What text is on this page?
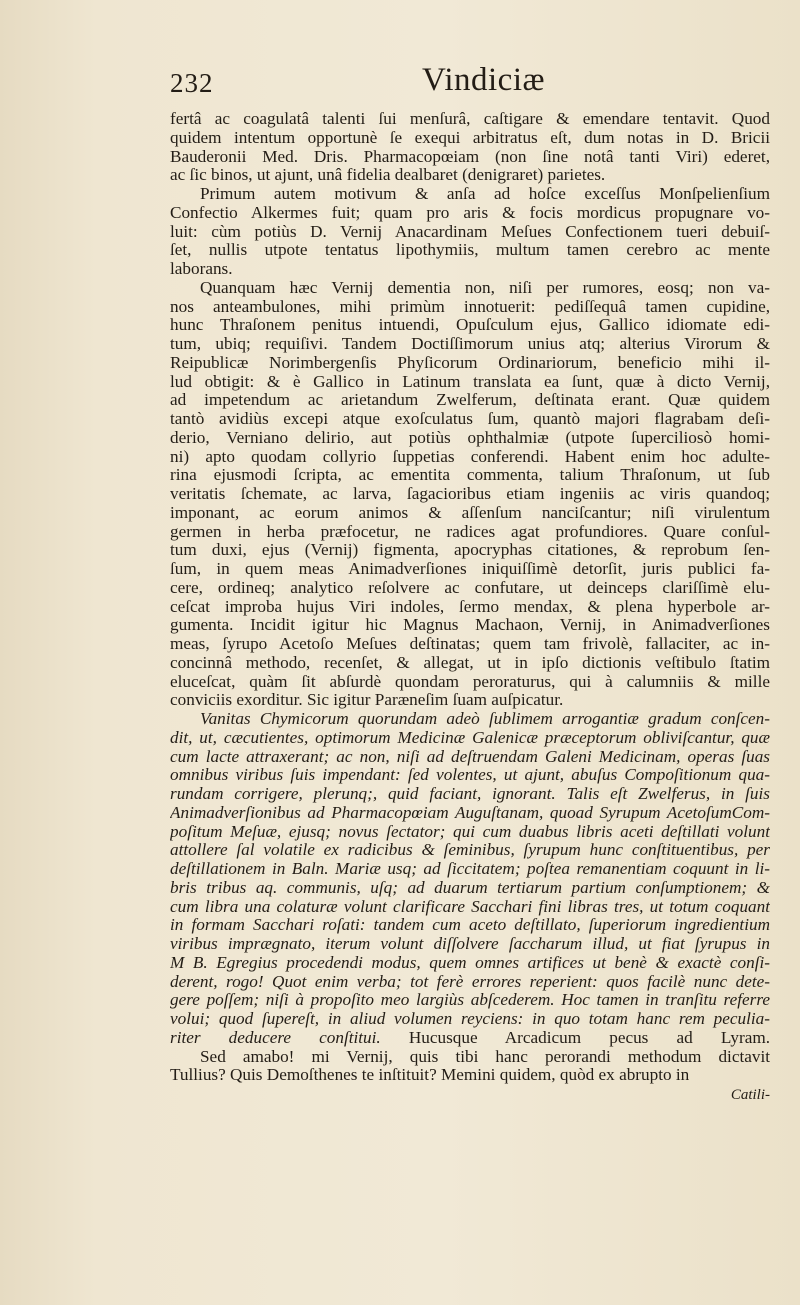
232	Vindiciæ
fertâ ac coagulatâ talenti ſui menſurâ, caſtigare & emendare tentavit. Quod
quidem intentum opportunè ſe exequi arbitratus eſt, dum notas in D. Bricii
Bauderonii Med. Dris. Pharmacopœiam (non ſine notâ tanti Viri) ederet,
ac ſic binos, ut ajunt, unâ fidelia dealbaret (denigraret) parietes.
Primum autem motivum & anſa ad hoſce exceſſus Monſpelienſium
Confectio Alkermes fuit; quam pro aris & focis mordicus propugnare vo-
luit: cùm potiùs D. Vernij Anacardinam Meſues Confectionem tueri debuiſ-
ſet, nullis utpote tentatus lipothymiis, multum tamen cerebro ac mente
laborans.
Quanquam hæc Vernij dementia non, niſi per rumores, eosq; non va-
nos anteambulones, mihi primùm innotuerit: pediſſequâ tamen cupidine,
hunc Thraſonem penitus intuendi, Opuſculum ejus, Gallico idiomate edi-
tum, ubiq; requiſivi. Tandem Doctiſſimorum unius atq; alterius Virorum &
Reipublicæ Norimbergenſis Phyſicorum Ordinariorum, beneficio mihi il-
lud obtigit: & è Gallico in Latinum translata ea ſunt, quæ à dicto Vernij,
ad impetendum ac arietandum Zwelferum, deſtinata erant. Quæ quidem
tantò avidiùs excepi atque exoſculatus ſum, quantò majori flagrabam deſi-
derio, Verniano delirio, aut potiùs ophthalmiæ (utpote ſuperciliosò homi-
ni) apto quodam collyrio ſuppetias conferendi. Habent enim hoc adulte-
rina ejusmodi ſcripta, ac ementita commenta, talium Thraſonum, ut ſub
veritatis ſchemate, ac larva, ſagacioribus etiam ingeniis ac viris quandoq;
imponant, ac eorum animos & aſſenſum nanciſcantur; niſi virulentum
germen in herba præfocetur, ne radices agat profundiores. Quare conſul-
tum duxi, ejus (Vernij) figmenta, apocryphas citationes, & reprobum ſen-
ſum, in quem meas Animadverſiones iniquiſſimè detorſit, juris publici fa-
cere, ordineq; analytico reſolvere ac confutare, ut deinceps clariſſimè elu-
ceſcat improba hujus Viri indoles, ſermo mendax, & plena hyperbole ar-
gumenta. Incidit igitur hic Magnus Machaon, Vernij, in Animadverſiones
meas, ſyrupo Acetoſo Meſues deſtinatas; quem tam frivolè, fallaciter, ac in-
concinnâ methodo, recenſet, & allegat, ut in ipſo dictionis veſtibulo ſtatim
eluceſcat, quàm ſit abſurdè quondam peroraturus, qui à calumniis & mille
conviciis exorditur. Sic igitur Paræneſim ſuam auſpicatur.
Vanitas Chymicorum quorundam adeò ſublimem arrogantiæ gradum conſcen-
dit, ut, cæcutientes, optimorum Medicinæ Galenicæ præceptorum obliviſcantur, quæ
cum lacte attraxerant; ac non, niſi ad deſtruendam Galeni Medicinam, operas ſuas
omnibus viribus ſuis impendant: ſed volentes, ut ajunt, abuſus Compoſitionum qua-
rundam corrigere, plerunq;, quid faciant, ignorant. Talis eſt Zwelferus, in ſuis
Animadverſionibus ad Pharmacopœiam Auguſtanam, quoad Syrupum AcetoſumCom-
poſitum Meſuæ, ejusq; novus ſectator; qui cum duabus libris aceti deſtillati volunt
attollere ſal volatile ex radicibus & ſeminibus, ſyrupum hunc conſtituentibus, per
deſtillationem in Baln. Mariæ usq; ad ſiccitatem; poſtea remanentiam coquunt in li-
bris tribus aq. communis, uſq; ad duarum tertiarum partium conſumptionem; &
cum libra una colaturæ volunt clarificare Sacchari fini libras tres, ut totum coquant
in formam Sacchari roſati: tandem cum aceto deſtillato, ſuperiorum ingredientium
viribus imprægnato, iterum volunt diſſolvere ſaccharum illud, ut fiat ſyrupus in
M B. Egregius procedendi modus, quem omnes artifices ut benè & exactè conſi-
derent, rogo! Quot enim verba; tot ferè errores reperient: quos facilè nunc dete-
gere poſſem; niſi à propoſito meo largiùs abſcederem. Hoc tamen in tranſitu referre
volui; quod ſupereſt, in aliud volumen reyciens: in quo totam hanc rem peculia-
riter deducere conſtitui. Hucusque Arcadicum pecus ad Lyram.
Sed amabo! mi Vernij, quis tibi hanc perorandi methodum dictavit
Tullius? Quis Demoſthenes te inſtituit? Memini quidem, quòd ex abrupto in
Catili-
